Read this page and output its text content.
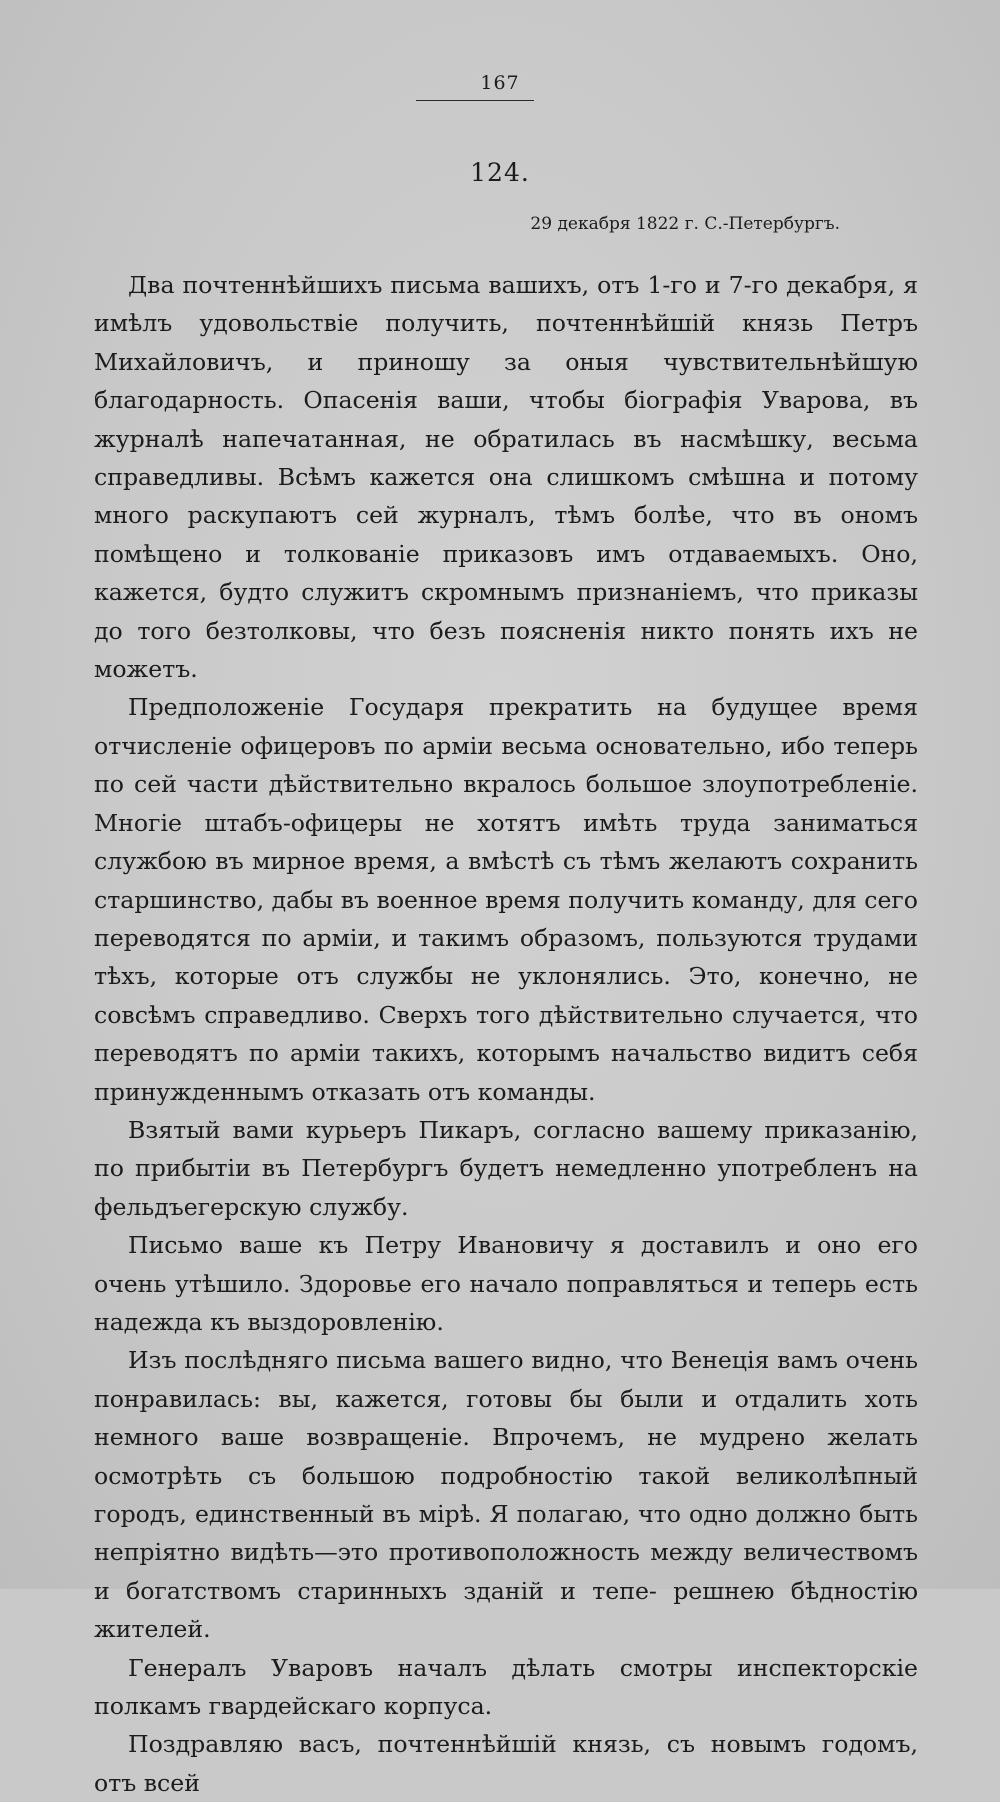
167
124.
29 декабря 1822 г. С.-Петербургъ.

Два почтеннѣйшихъ письма вашихъ, отъ 1-го и 7-го декабря, я имѣлъ удовольствіе получить, почтеннѣйшій князь Петръ Михайловичъ, и приношу за оныя чувствительнѣйшую благодарность. Опасенія ваши, чтобы біографія Уварова, въ журналѣ напечатанная, не обратилась въ насмѣшку, весьма справедливы. Всѣмъ кажется она слишкомъ смѣшна и потому много раскупаютъ сей журналъ, тѣмъ болѣе, что въ ономъ помѣщено и толкованіе приказовъ имъ отдаваемыхъ. Оно, кажется, будто служитъ скромнымъ признаніемъ, что приказы до того безтолковы, что безъ поясненія никто понять ихъ не можетъ.

Предположеніе Государя прекратить на будущее время отчисленіе офицеровъ по арміи весьма основательно, ибо теперь по сей части дѣйствительно вкралось большое злоупотребленіе. Многіе штабъ-офицеры не хотятъ имѣть труда заниматься службою въ мирное время, а вмѣстѣ съ тѣмъ желаютъ сохранить старшинство, дабы въ военное время получить команду, для сего переводятся по арміи, и такимъ образомъ, пользуются трудами тѣхъ, которые отъ службы не уклонялись. Это, конечно, не совсѣмъ справедливо. Сверхъ того дѣйствительно случается, что переводятъ по арміи такихъ, которымъ начальство видитъ себя принужденнымъ отказать отъ команды.

Взятый вами курьеръ Пикаръ, согласно вашему приказанію, по прибытіи въ Петербургъ будетъ немедленно употребленъ на фельдъегерскую службу.

Письмо ваше къ Петру Ивановичу я доставилъ и оно его очень утѣшило. Здоровье его начало поправляться и теперь есть надежда къ выздоровленію.

Изъ послѣдняго письма вашего видно, что Венеція вамъ очень понравилась: вы, кажется, готовы бы были и отдалить хоть немного ваше возвращеніе. Впрочемъ, не мудрено желать осмотрѣть съ большою подробностію такой великолѣпный городъ, единственный въ мірѣ. Я полагаю, что одно должно быть непріятно видѣть—это противоположность между величествомъ и богатствомъ старинныхъ зданій и тепе- решнею бѣдностію жителей.

Генералъ Уваровъ началъ дѣлать смотры инспекторскіе полкамъ гвардейскаго корпуса.

Поздравляю васъ, почтеннѣйшій князь, съ новымъ годомъ, отъ всей
